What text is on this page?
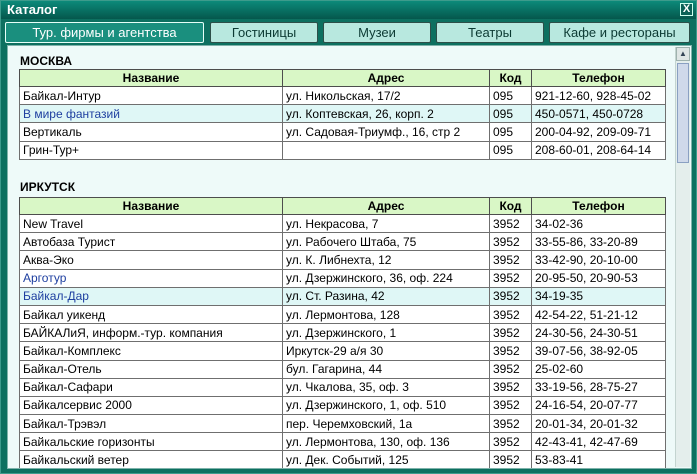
Каталог	X
Тур. фирмы и агентства	Гостиницы	Музеи	Театры	Кафе и рестораны
МОСКВА
Название	Адрес	Код	Телефон
Байкал-Интур	ул. Никольская, 17/2	095	921-12-60, 928-45-02
В мире фантазий	ул. Коптевская, 26, корп. 2	095	450-0571, 450-0728
Вертикаль	ул. Садовая-Триумф., 16, стр 2	095	200-04-92, 209-09-71
Грин-Тур+		095	208-60-01, 208-64-14
ИРКУТСК
Название	Адрес	Код	Телефон
New Travel	ул. Некрасова, 7	3952	34-02-36
Автобаза Турист	ул. Рабочего Штаба, 75	3952	33-55-86, 33-20-89
Аква-Эко	ул. К. Либнехта, 12	3952	33-42-90, 20-10-00
Арготур	ул. Дзержинского, 36, оф. 224	3952	20-95-50, 20-90-53
Байкал-Дар	ул. Ст. Разина, 42	3952	34-19-35
Байкал уикенд	ул. Лермонтова, 128	3952	42-54-22, 51-21-12
БАЙКАЛиЯ, информ.-тур. компания	ул. Дзержинского, 1	3952	24-30-56, 24-30-51
Байкал-Комплекс	Иркутск-29 а/я 30	3952	39-07-56, 38-92-05
Байкал-Отель	бул. Гагарина, 44	3952	25-02-60
Байкал-Сафари	ул. Чкалова, 35, оф. 3	3952	33-19-56, 28-75-27
Байкалсервис 2000	ул. Дзержинского, 1, оф. 510	3952	24-16-54, 20-07-77
Байкал-Трэвэл	пер. Черемховский, 1а	3952	20-01-34, 20-01-32
Байкальские горизонты	ул. Лермонтова, 130, оф. 136	3952	42-43-41, 42-47-69
Байкальский ветер	ул. Дек. Событий, 125	3952	53-83-41
▲
